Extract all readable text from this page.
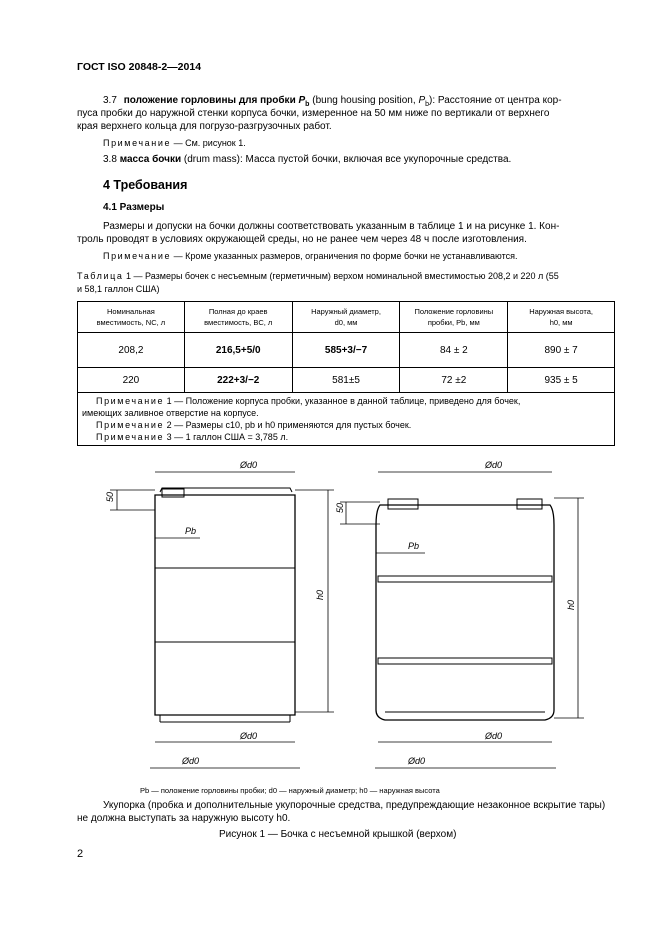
ГОСТ ISO 20848-2—2014
3.7 положение горловины для пробки $P_b$ (bung housing position, $P_b$): Расстояние от центра кор-
пуса пробки до наружной стенки корпуса бочки, измеренное на 50 мм ниже по вертикали от верхнего
края верхнего кольца для погрузо-разгрузочных работ.
Примечание — См. рисунок 1.
3.8 масса бочки (drum mass): Масса пустой бочки, включая все укупорочные средства.
4 Требования
4.1 Размеры
Размеры и допуски на бочки должны соответствовать указанным в таблице 1 и на рисунке 1. Кон-
троль проводят в условиях окружающей среды, но не ранее чем через 48 ч после изготовления.
Примечание — Кроме указанных размеров, ограничения по форме бочки не устанавливаются.
Таблица 1 — Размеры бочек с несъемным (герметичным) верхом номинальной вместимостью 208,2 и 220 л (55
и 58,1 галлон США)
Номинальная
вместимость, NC, л	Полная до краев
вместимость, BC, л	Наружный диаметр,
d0, мм	Положение горловины
пробки, Pb, мм	Наружная высота,
h0, мм
208,2	216,5+5/0	585+3/−7	84 ± 2	890 ± 7
220	222+3/−2	581±5	72 ±2	935 ± 5

Примечание 1 — Положение корпуса пробки, указанное в данной таблице, приведено для бочек,
имеющих заливное отверстие на корпусе.
Примечание 2 — Размеры c10, pb и h0 применяются для пустых бочек.
Примечание 3 — 1 галлон США = 3,785 л.				
50
50
Pb
Pb
h0
h0
Ød0	Ød0
Ød0	Ød0
Ød0	Ød0
Pb — положение горловины пробки; d0 — наружный диаметр; h0 — наружная высота
Укупорка (пробка и дополнительные укупорочные средства, предупреждающие незаконное вскрытие тары)
не должна выступать за наружную высоту h0.
Рисунок 1 — Бочка с несъемной крышкой (верхом)
2
